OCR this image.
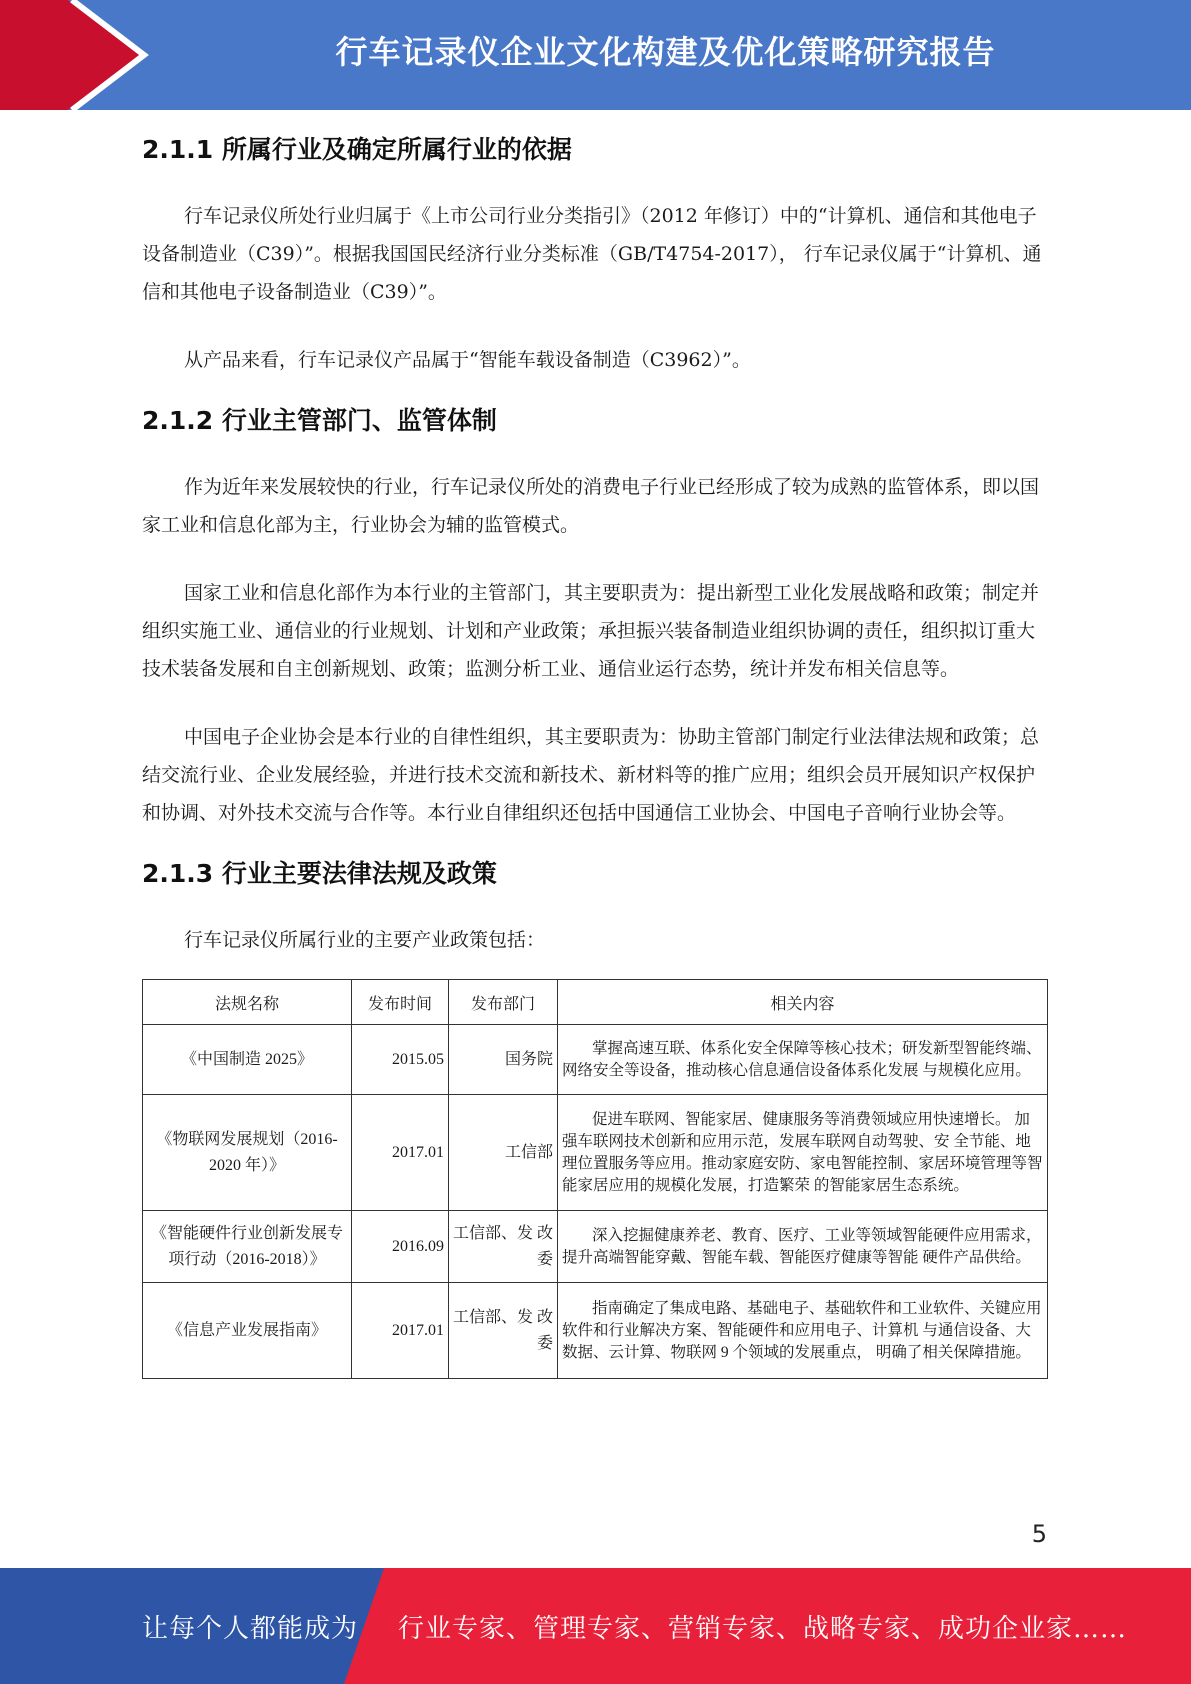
行车记录仪企业文化构建及优化策略研究报告
2.1.1 所属行业及确定所属行业的依据

行车记录仪所处行业归属于《上市公司行业分类指引》（2012 年修订）中的“计算机、通信和其他电子设备制造业（C39）”。根据我国国民经济行业分类标准（GB/T4754-2017）， 行车记录仪属于“计算机、通信和其他电子设备制造业（C39）”。

从产品来看，行车记录仪产品属于“智能车载设备制造（C3962）”。

2.1.2 行业主管部门、监管体制

作为近年来发展较快的行业，行车记录仪所处的消费电子行业已经形成了较为成熟的监管体系，即以国家工业和信息化部为主，行业协会为辅的监管模式。

国家工业和信息化部作为本行业的主管部门，其主要职责为：提出新型工业化发展战略和政策；制定并组织实施工业、通信业的行业规划、计划和产业政策；承担振兴装备制造业组织协调的责任，组织拟订重大技术装备发展和自主创新规划、政策；监测分析工业、通信业运行态势，统计并发布相关信息等。

中国电子企业协会是本行业的自律性组织，其主要职责为：协助主管部门制定行业法律法规和政策；总结交流行业、企业发展经验，并进行技术交流和新技术、新材料等的推广应用；组织会员开展知识产权保护和协调、对外技术交流与合作等。本行业自律组织还包括中国通信工业协会、中国电子音响行业协会等。

2.1.3 行业主要法律法规及政策

行车记录仪所属行业的主要产业政策包括：

法规名称	发布时间	发布部门	相关内容
《中国制造 2025》	2015.05	国务院	掌握高速互联、体系化安全保障等核心技术；研发新型智能终端、网络安全等设备，推动核心信息通信设备体系化发展 与规模化应用。
《物联网发展规划（2016-2020 年）》	2017.01	工信部	促进车联网、智能家居、健康服务等消费领域应用快速增长。 加强车联网技术创新和应用示范，发展车联网自动驾驶、安 全节能、地理位置服务等应用。推动家庭安防、家电智能控制、家居环境管理等智能家居应用的规模化发展，打造繁荣 的智能家居生态系统。
《智能硬件行业创新发展专项行动（2016-2018）》	2016.09	工信部、发 改委	深入挖掘健康养老、教育、医疗、工业等领域智能硬件应用需求，提升高端智能穿戴、智能车载、智能医疗健康等智能 硬件产品供给。
《信息产业发展指南》	2017.01	工信部、发 改委	指南确定了集成电路、基础电子、基础软件和工业软件、关键应用软件和行业解决方案、智能硬件和应用电子、计算机 与通信设备、大数据、云计算、物联网 9 个领域的发展重点， 明确了相关保障措施。
5
让每个人都能成为 行业专家、管理专家、营销专家、战略专家、成功企业家……
